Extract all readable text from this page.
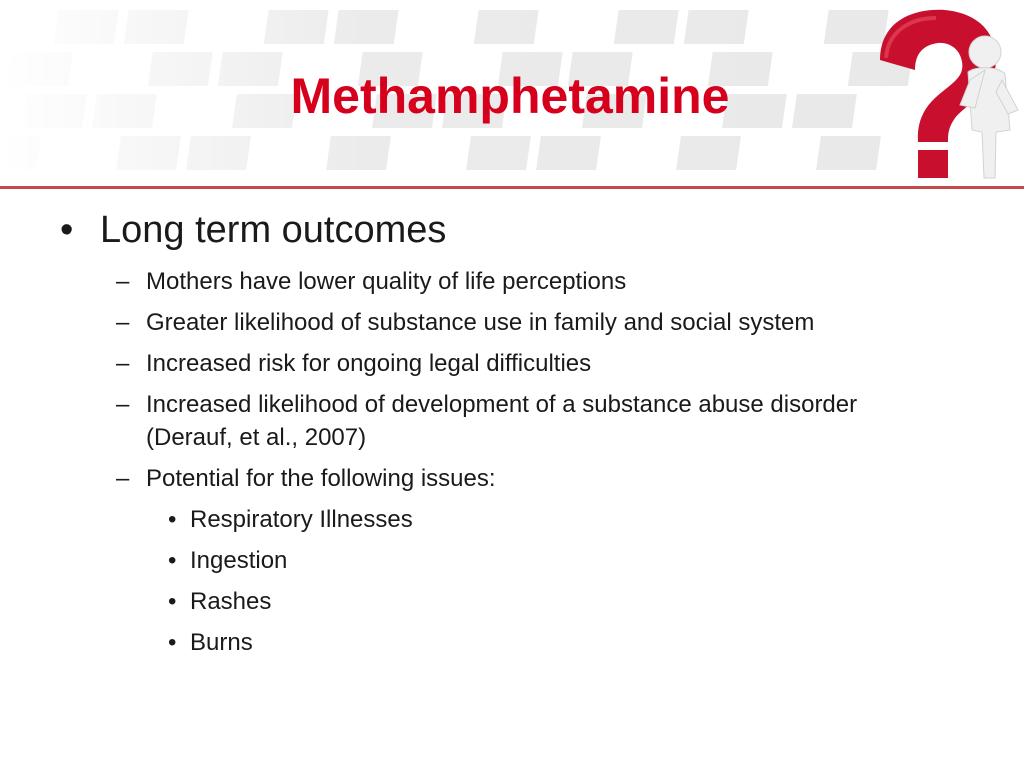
Methamphetamine

• Long term outcomes

– Mothers have lower quality of life perceptions

– Greater likelihood of substance use in family and social system

– Increased risk for ongoing legal difficulties

– Increased likelihood of development of a substance abuse disorder (Derauf, et al., 2007)

– Potential for the following issues:

• Respiratory Illnesses

• Ingestion

• Rashes

• Burns
